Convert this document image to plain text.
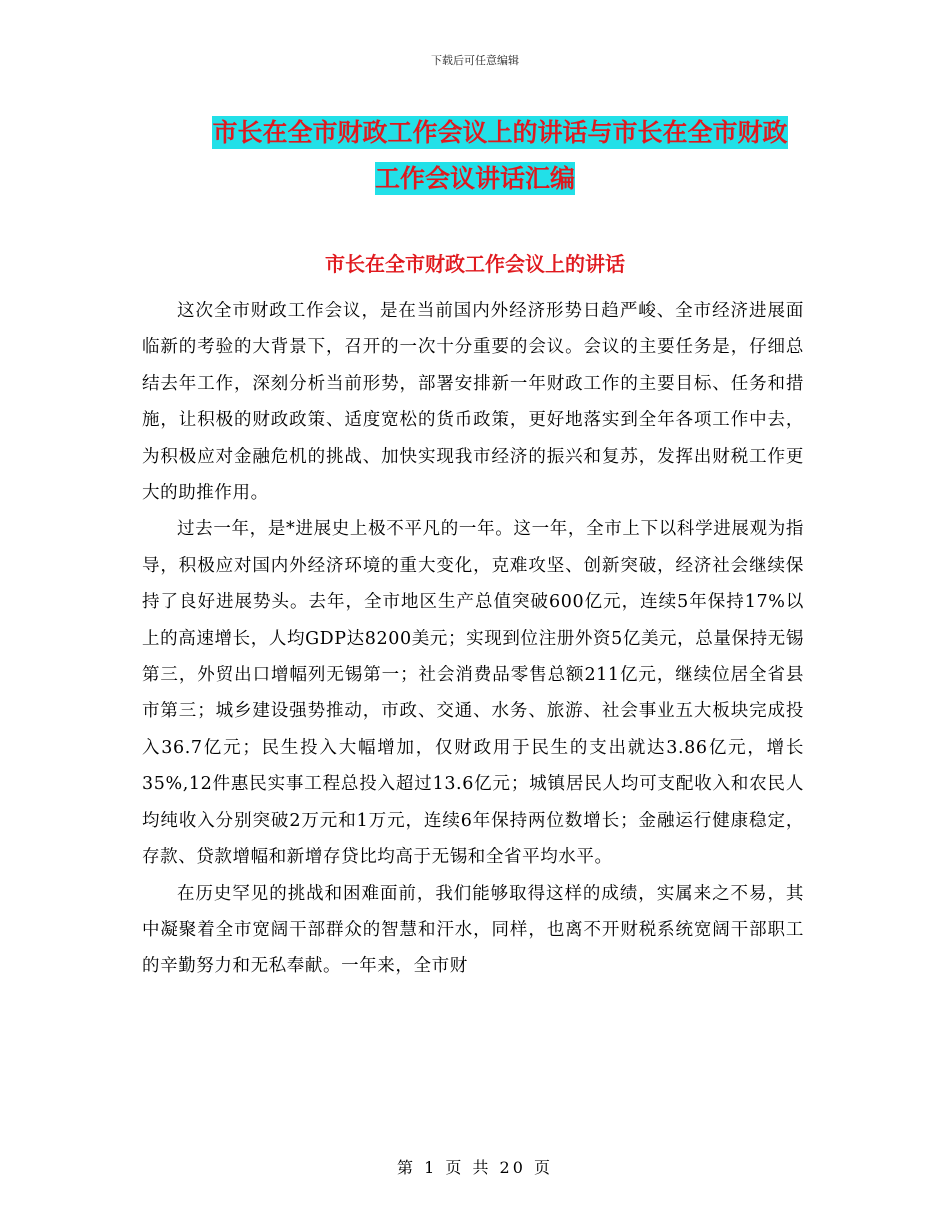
下载后可任意编辑
市长在全市财政工作会议上的讲话与市长在全市财政
工作会议讲话汇编
市长在全市财政工作会议上的讲话

这次全市财政工作会议，是在当前国内外经济形势日趋严峻、全市经济进展面临新的考验的大背景下，召开的一次十分重要的会议。会议的主要任务是，仔细总结去年工作，深刻分析当前形势，部署安排新一年财政工作的主要目标、任务和措施，让积极的财政政策、适度宽松的货币政策，更好地落实到全年各项工作中去，为积极应对金融危机的挑战、加快实现我市经济的振兴和复苏，发挥出财税工作更大的助推作用。

过去一年，是*进展史上极不平凡的一年。这一年，全市上下以科学进展观为指导，积极应对国内外经济环境的重大变化，克难攻坚、创新突破，经济社会继续保持了良好进展势头。去年，全市地区生产总值突破600亿元，连续5年保持17%以上的高速增长，人均GDP达8200美元；实现到位注册外资5亿美元，总量保持无锡第三，外贸出口增幅列无锡第一；社会消费品零售总额211亿元，继续位居全省县市第三；城乡建设强势推动，市政、交通、水务、旅游、社会事业五大板块完成投入36.7亿元；民生投入大幅增加，仅财政用于民生的支出就达3.86亿元，增长35%,12件惠民实事工程总投入超过13.6亿元；城镇居民人均可支配收入和农民人均纯收入分别突破2万元和1万元，连续6年保持两位数增长；金融运行健康稳定，存款、贷款增幅和新增存贷比均高于无锡和全省平均水平。

在历史罕见的挑战和困难面前，我们能够取得这样的成绩，实属来之不易，其中凝聚着全市宽阔干部群众的智慧和汗水，同样，也离不开财税系统宽阔干部职工的辛勤努力和无私奉献。一年来，全市财

第 1 页 共 20 页
